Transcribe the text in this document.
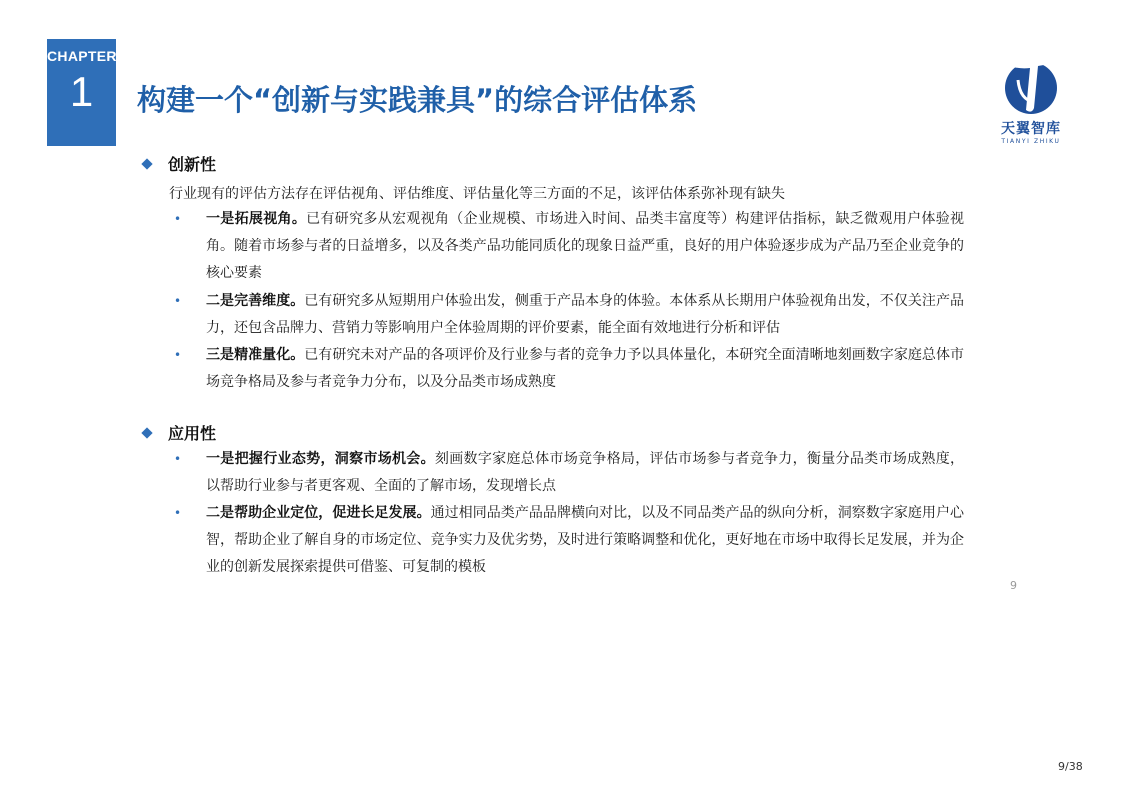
CHAPTER
1	构建一个“创新与实践兼具”的综合评估体系
天翼智库
TIANYI ZHIKU
创新性
行业现有的评估方法存在评估视角、评估维度、评估量化等三方面的不足，该评估体系弥补现有缺失
•	一是拓展视角。已有研究多从宏观视角（企业规模、市场进入时间、品类丰富度等）构建评估指标，缺乏微观用户体验视角。随着市场参与者的日益增多，以及各类产品功能同质化的现象日益严重，良好的用户体验逐步成为产品乃至企业竞争的核心要素
•	二是完善维度。已有研究多从短期用户体验出发，侧重于产品本身的体验。本体系从长期用户体验视角出发，不仅关注产品力，还包含品牌力、营销力等影响用户全体验周期的评价要素，能全面有效地进行分析和评估
•	三是精准量化。已有研究未对产品的各项评价及行业参与者的竞争力予以具体量化，本研究全面清晰地刻画数字家庭总体市场竞争格局及参与者竞争力分布，以及分品类市场成熟度
应用性
•	一是把握行业态势，洞察市场机会。刻画数字家庭总体市场竞争格局，评估市场参与者竞争力，衡量分品类市场成熟度， 以帮助行业参与者更客观、全面的了解市场，发现增长点
•	二是帮助企业定位，促进长足发展。通过相同品类产品品牌横向对比，以及不同品类产品的纵向分析，洞察数字家庭用户心智，帮助企业了解自身的市场定位、竞争实力及优劣势，及时进行策略调整和优化，更好地在市场中取得长足发展，并为企业的创新发展探索提供可借鉴、可复制的模板
9
9/38
